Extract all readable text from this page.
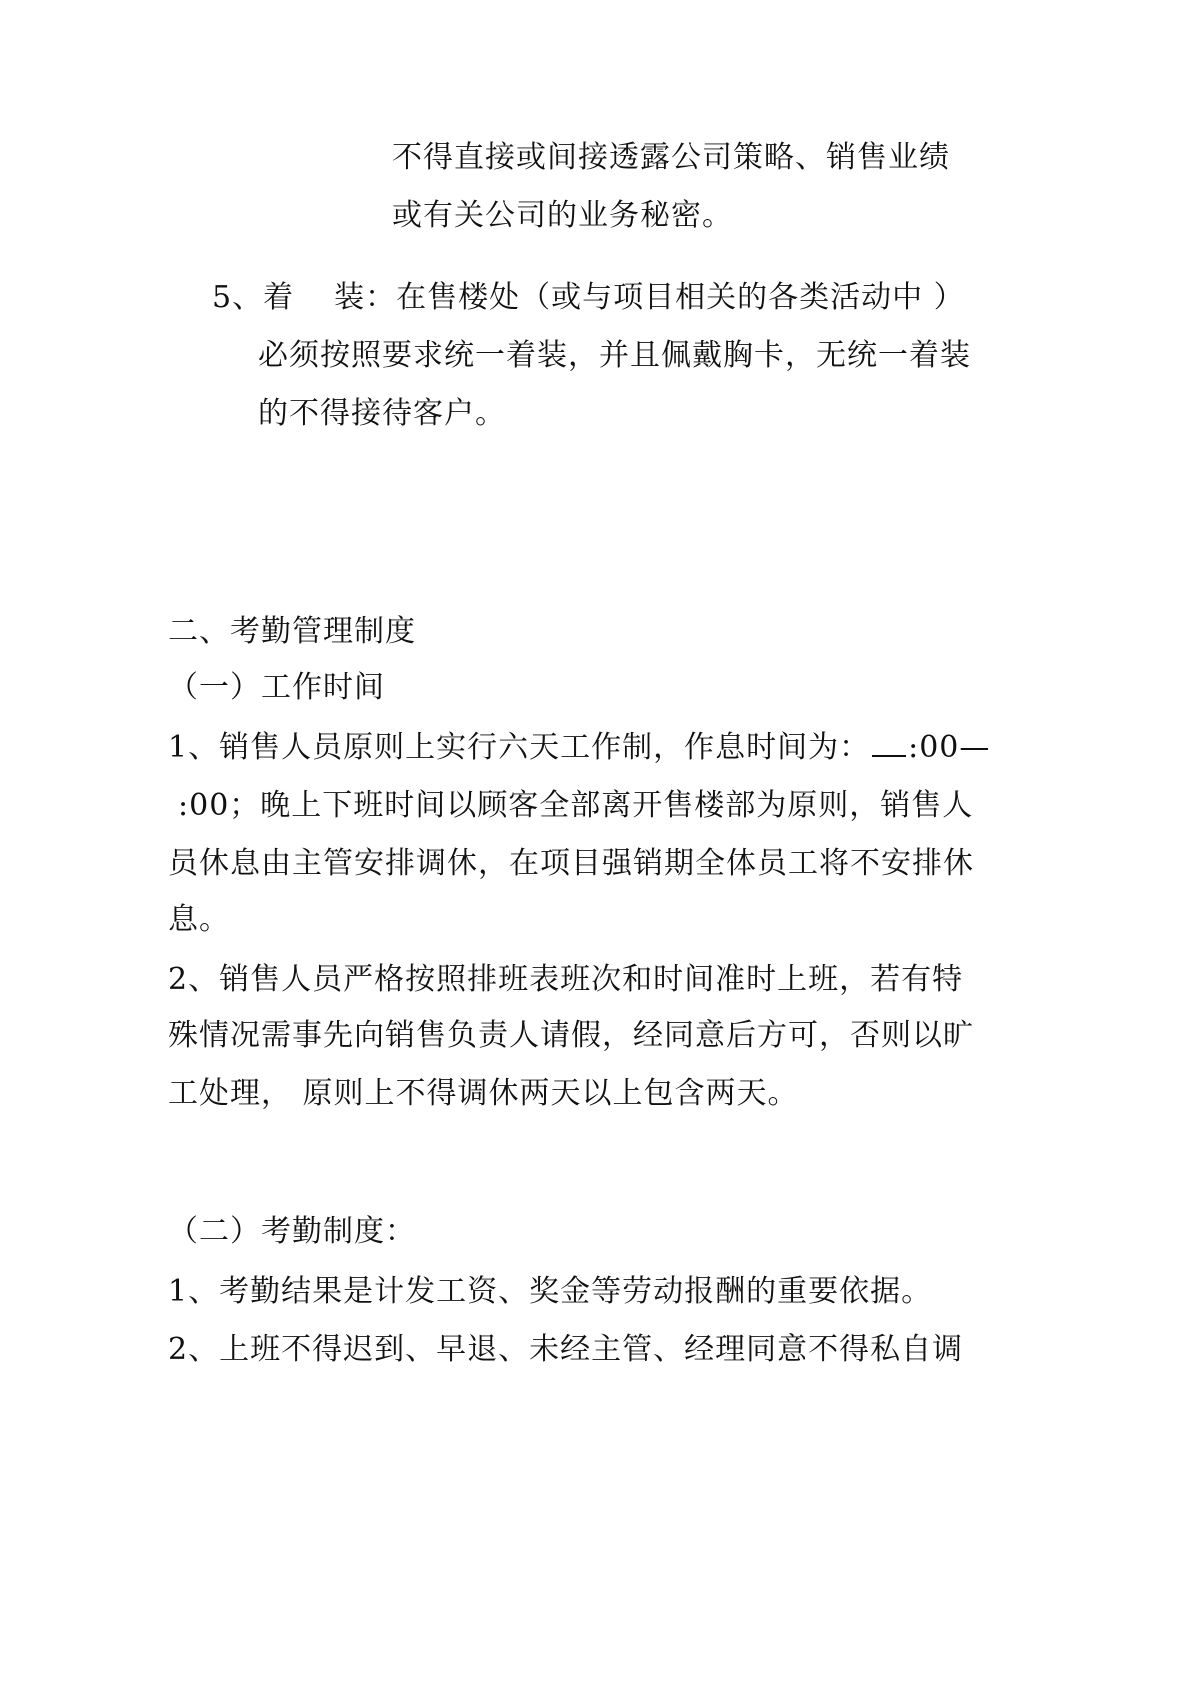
不得直接或间接透露公司策略、销售业绩
或有关公司的业务秘密。
5、着 装：在售楼处（或与项目相关的各类活动中 ）
必须按照要求统一着装，并且佩戴胸卡，无统一着装
的不得接待客户。
二、考勤管理制度
（一）工作时间
1、销售人员原则上实行六天工作制，作息时间为： :00—
:00；晚上下班时间以顾客全部离开售楼部为原则，销售人
员休息由主管安排调休，在项目强销期全体员工将不安排休
息。
2、销售人员严格按照排班表班次和时间准时上班，若有特
殊情况需事先向销售负责人请假，经同意后方可，否则以旷
工处理， 原则上不得调休两天以上包含两天。
（二）考勤制度：
1、考勤结果是计发工资、奖金等劳动报酬的重要依据。
2、上班不得迟到、早退、未经主管、经理同意不得私自调
